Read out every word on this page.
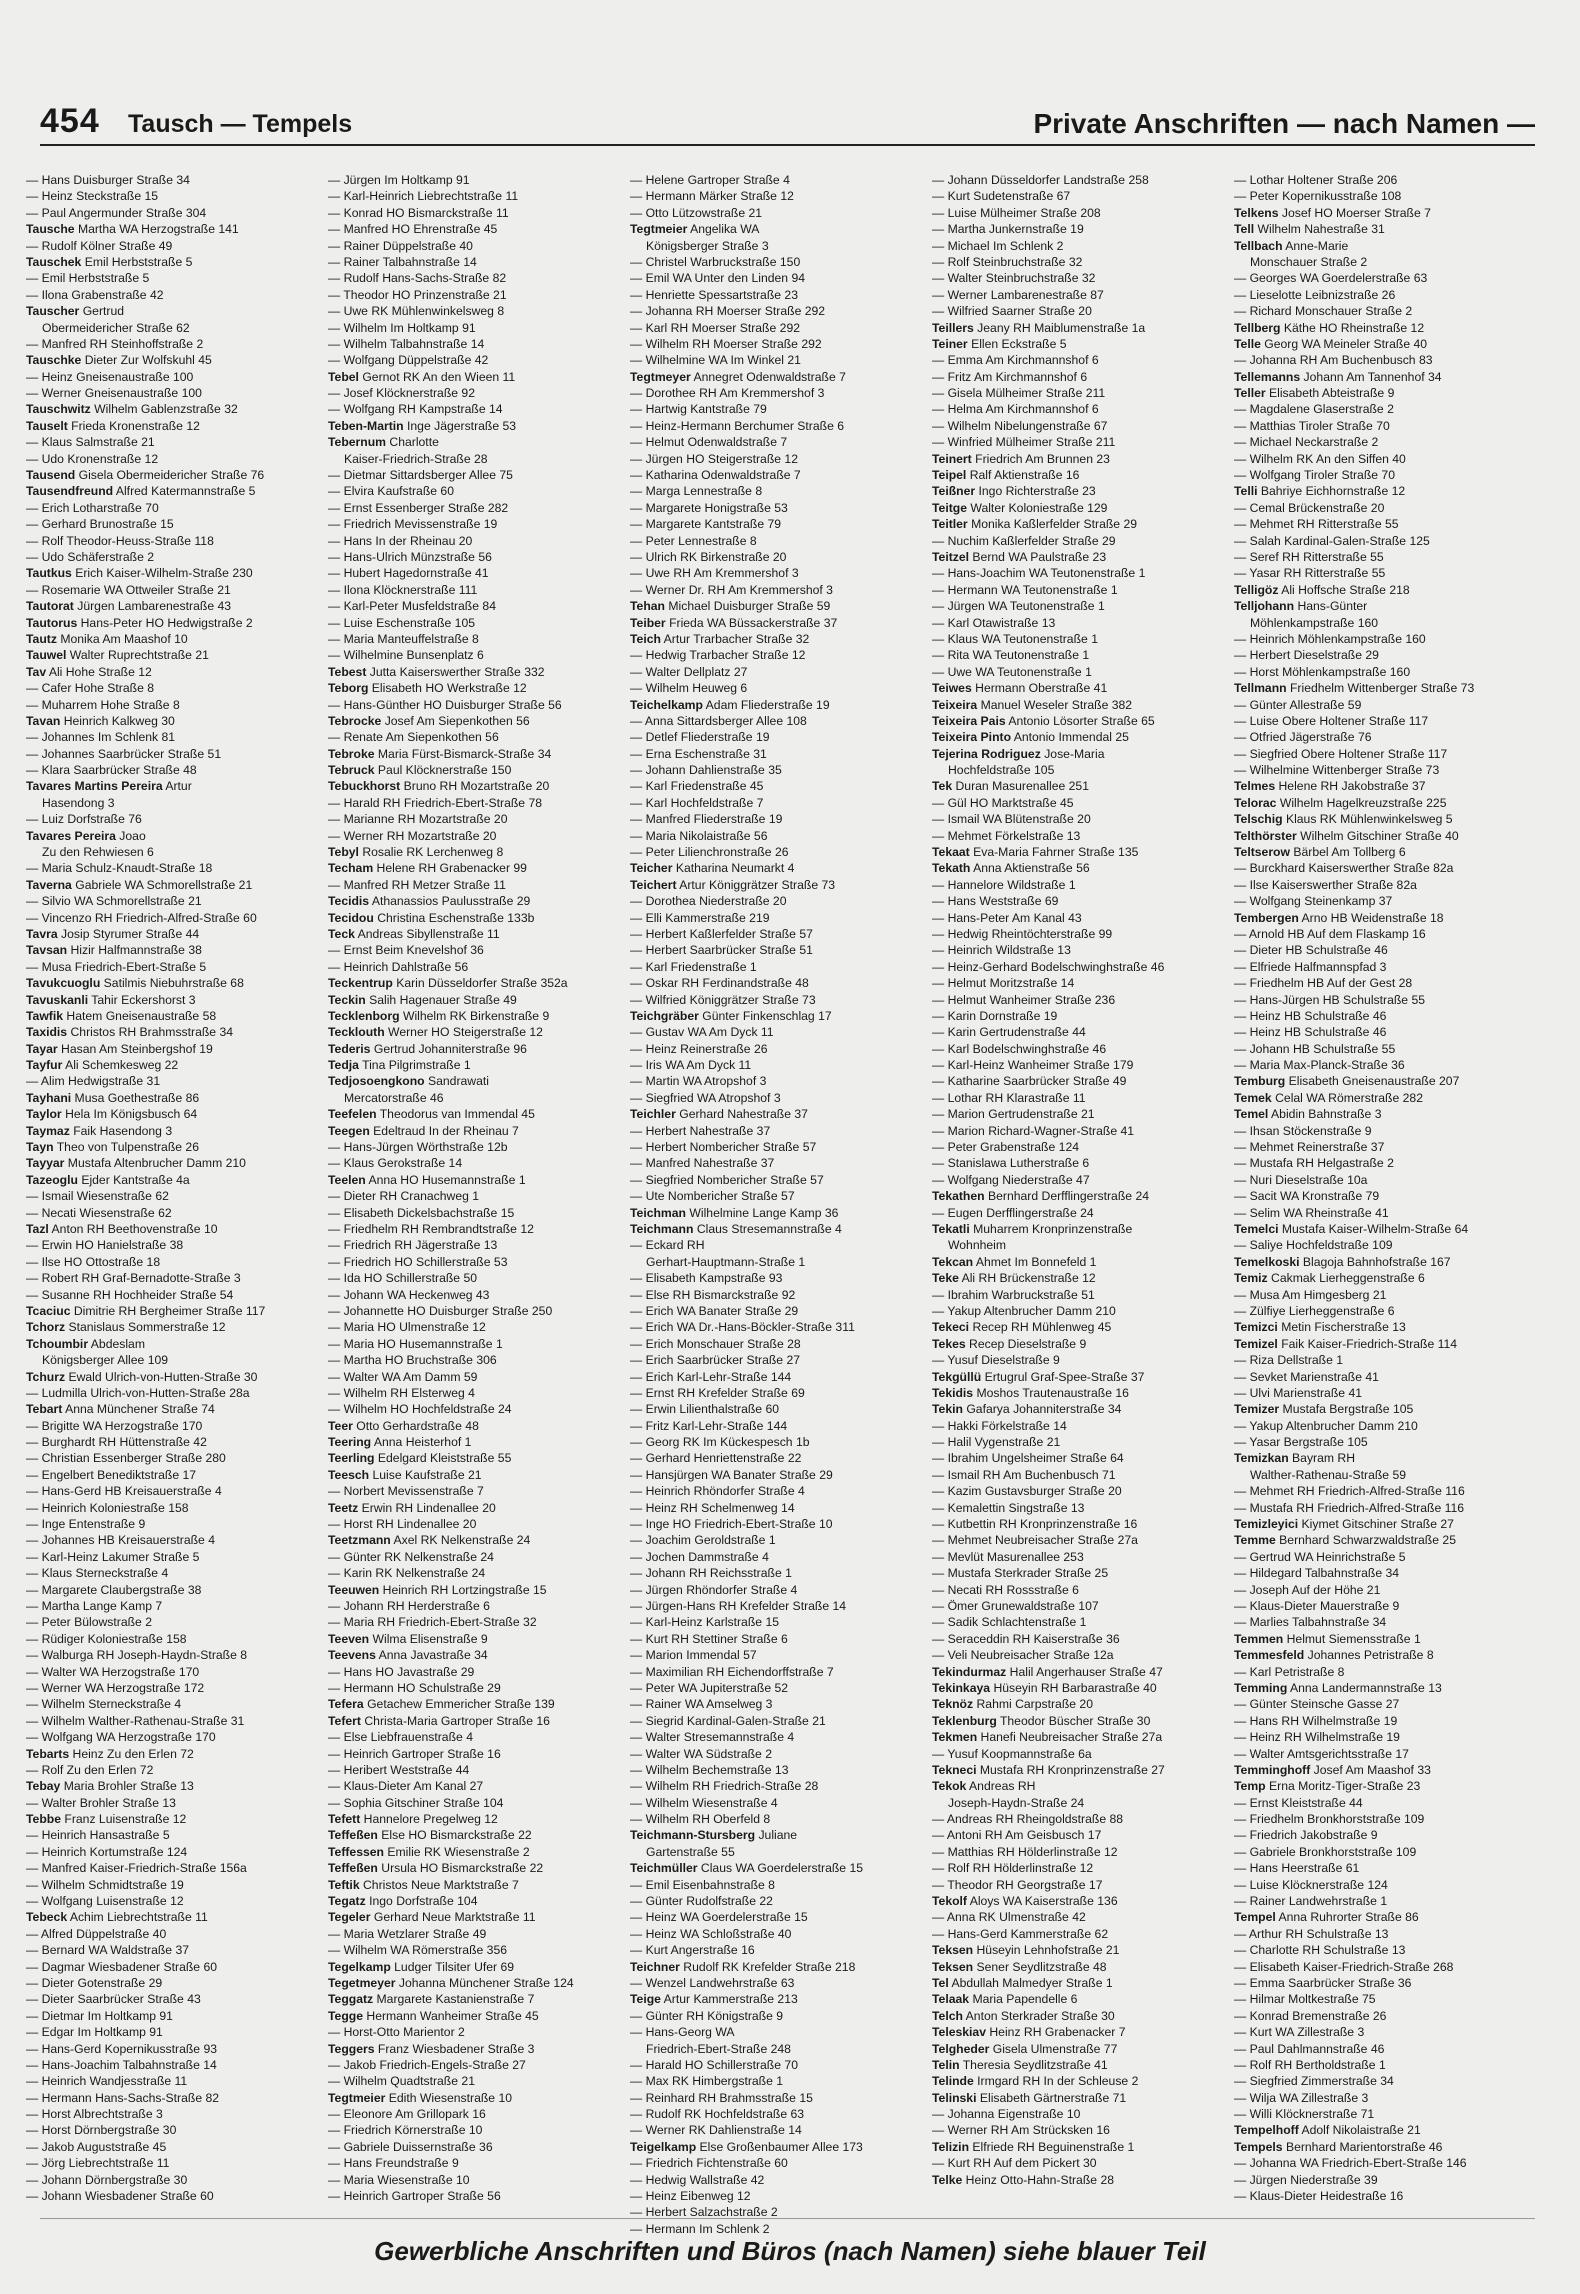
454 Tausch — Tempels	Private Anschriften — nach Namen —
— Hans Duisburger Straße 34
— Heinz Steckstraße 15
— Paul Angermunder Straße 304
Tausche Martha WA Herzogstraße 141
— Rudolf Kölner Straße 49
Tauschek Emil Herbststraße 5
— Emil Herbststraße 5
— Ilona Grabenstraße 42
Tauscher Gertrud
Obermeidericher Straße 62
— Manfred RH Steinhoffstraße 2
Tauschke Dieter Zur Wolfskuhl 45
— Heinz Gneisenaustraße 100
— Werner Gneisenaustraße 100
Tauschwitz Wilhelm Gablenzstraße 32
Tauselt Frieda Kronenstraße 12
— Klaus Salmstraße 21
— Udo Kronenstraße 12
Tausend Gisela Obermeidericher Straße 76
Tausendfreund Alfred Katermannstraße 5
— Erich Lotharstraße 70
— Gerhard Brunostraße 15
— Rolf Theodor-Heuss-Straße 118
— Udo Schäferstraße 2
Tautkus Erich Kaiser-Wilhelm-Straße 230
— Rosemarie WA Ottweiler Straße 21
Tautorat Jürgen Lambarenestraße 43
Tautorus Hans-Peter HO Hedwigstraße 2
Tautz Monika Am Maashof 10
Tauwel Walter Ruprechtstraße 21
Tav Ali Hohe Straße 12
— Cafer Hohe Straße 8
— Muharrem Hohe Straße 8
Tavan Heinrich Kalkweg 30
— Johannes Im Schlenk 81
— Johannes Saarbrücker Straße 51
— Klara Saarbrücker Straße 48
Tavares Martins Pereira Artur
Hasendong 3
— Luiz Dorfstraße 76
Tavares Pereira Joao
Zu den Rehwiesen 6
— Maria Schulz-Knaudt-Straße 18
Taverna Gabriele WA Schmorellstraße 21
— Silvio WA Schmorellstraße 21
— Vincenzo RH Friedrich-Alfred-Straße 60
Tavra Josip Styrumer Straße 44
Tavsan Hizir Halfmannstraße 38
— Musa Friedrich-Ebert-Straße 5
Tavukcuoglu Satilmis Niebuhrstraße 68
Tavuskanli Tahir Eckershorst 3
Tawfik Hatem Gneisenaustraße 58
Taxidis Christos RH Brahmsstraße 34
Tayar Hasan Am Steinbergshof 19
Tayfur Ali Schemkesweg 22
— Alim Hedwigstraße 31
Tayhani Musa Goethestraße 86
Taylor Hela Im Königsbusch 64
Taymaz Faik Hasendong 3
Tayn Theo von Tulpenstraße 26
Tayyar Mustafa Altenbrucher Damm 210
Tazeoglu Ejder Kantstraße 4a
— Ismail Wiesenstraße 62
— Necati Wiesenstraße 62
Tazl Anton RH Beethovenstraße 10
— Erwin HO Hanielstraße 38
— Ilse HO Ottostraße 18
— Robert RH Graf-Bernadotte-Straße 3
— Susanne RH Hochheider Straße 54
Tcaciuc Dimitrie RH Bergheimer Straße 117
Tchorz Stanislaus Sommerstraße 12
Tchoumbir Abdeslam
Königsberger Allee 109
Tchurz Ewald Ulrich-von-Hutten-Straße 30
— Ludmilla Ulrich-von-Hutten-Straße 28a
Tebart Anna Münchener Straße 74
— Brigitte WA Herzogstraße 170
— Burghardt RH Hüttenstraße 42
— Christian Essenberger Straße 280
— Engelbert Benediktstraße 17
— Hans-Gerd HB Kreisauerstraße 4
— Heinrich Koloniestraße 158
— Inge Entenstraße 9
— Johannes HB Kreisauerstraße 4
— Karl-Heinz Lakumer Straße 5
— Klaus Sterneckstraße 4
— Margarete Claubergstraße 38
— Martha Lange Kamp 7
— Peter Bülowstraße 2
— Rüdiger Koloniestraße 158
— Walburga RH Joseph-Haydn-Straße 8
— Walter WA Herzogstraße 170
— Werner WA Herzogstraße 172
— Wilhelm Sterneckstraße 4
— Wilhelm Walther-Rathenau-Straße 31
— Wolfgang WA Herzogstraße 170
Tebarts Heinz Zu den Erlen 72
— Rolf Zu den Erlen 72
Tebay Maria Brohler Straße 13
— Walter Brohler Straße 13
Tebbe Franz Luisenstraße 12
— Heinrich Hansastraße 5
— Heinrich Kortumstraße 124
— Manfred Kaiser-Friedrich-Straße 156a
— Wilhelm Schmidtstraße 19
— Wolfgang Luisenstraße 12
Tebeck Achim Liebrechtstraße 11
— Alfred Düppelstraße 40
— Bernard WA Waldstraße 37
— Dagmar Wiesbadener Straße 60
— Dieter Gotenstraße 29
— Dieter Saarbrücker Straße 43
— Dietmar Im Holtkamp 91
— Edgar Im Holtkamp 91
— Hans-Gerd Kopernikusstraße 93
— Hans-Joachim Talbahnstraße 14
— Heinrich Wandjesstraße 11
— Hermann Hans-Sachs-Straße 82
— Horst Albrechtstraße 3
— Horst Dörnbergstraße 30
— Jakob Auguststraße 45
— Jörg Liebrechtstraße 11
— Johann Dörnbergstraße 30
— Johann Wiesbadener Straße 60
— Jürgen Im Holtkamp 91
— Karl-Heinrich Liebrechtstraße 11
— Konrad HO Bismarckstraße 11
— Manfred HO Ehrenstraße 45
— Rainer Düppelstraße 40
— Rainer Talbahnstraße 14
— Rudolf Hans-Sachs-Straße 82
— Theodor HO Prinzenstraße 21
— Uwe RK Mühlenwinkelsweg 8
— Wilhelm Im Holtkamp 91
— Wilhelm Talbahnstraße 14
— Wolfgang Düppelstraße 42
Tebel Gernot RK An den Wieen 11
— Josef Klöcknerstraße 92
— Wolfgang RH Kampstraße 14
Teben-Martin Inge Jägerstraße 53
Tebernum Charlotte
Kaiser-Friedrich-Straße 28
— Dietmar Sittardsberger Allee 75
— Elvira Kaufstraße 60
— Ernst Essenberger Straße 282
— Friedrich Mevissenstraße 19
— Hans In der Rheinau 20
— Hans-Ulrich Münzstraße 56
— Hubert Hagedornstraße 41
— Ilona Klöcknerstraße 111
— Karl-Peter Musfeldstraße 84
— Luise Eschenstraße 105
— Maria Manteuffelstraße 8
— Wilhelmine Bunsenplatz 6
Tebest Jutta Kaiserswerther Straße 332
Teborg Elisabeth HO Werkstraße 12
— Hans-Günther HO Duisburger Straße 56
Tebrocke Josef Am Siepenkothen 56
— Renate Am Siepenkothen 56
Tebroke Maria Fürst-Bismarck-Straße 34
Tebruck Paul Klöcknerstraße 150
Tebuckhorst Bruno RH Mozartstraße 20
— Harald RH Friedrich-Ebert-Straße 78
— Marianne RH Mozartstraße 20
— Werner RH Mozartstraße 20
Tebyl Rosalie RK Lerchenweg 8
Techam Helene RH Grabenacker 99
— Manfred RH Metzer Straße 11
Tecidis Athanassios Paulusstraße 29
Tecidou Christina Eschenstraße 133b
Teck Andreas Sibyllenstraße 11
— Ernst Beim Knevelshof 36
— Heinrich Dahlstraße 56
Teckentrup Karin Düsseldorfer Straße 352a
Teckin Salih Hagenauer Straße 49
Tecklenborg Wilhelm RK Birkenstraße 9
Tecklouth Werner HO Steigerstraße 12
Tederis Gertrud Johanniterstraße 96
Tedja Tina Pilgrimstraße 1
Tedjosoengkono Sandrawati
Mercatorstraße 46
Teefelen Theodorus van Immendal 45
Teegen Edeltraud In der Rheinau 7
— Hans-Jürgen Wörthstraße 12b
— Klaus Gerokstraße 14
Teelen Anna HO Husemannstraße 1
— Dieter RH Cranachweg 1
— Elisabeth Dickelsbachstraße 15
— Friedhelm RH Rembrandtstraße 12
— Friedrich RH Jägerstraße 13
— Friedrich HO Schillerstraße 53
— Ida HO Schillerstraße 50
— Johann WA Heckenweg 43
— Johannette HO Duisburger Straße 250
— Maria HO Ulmenstraße 12
— Maria HO Husemannstraße 1
— Martha HO Bruchstraße 306
— Walter WA Am Damm 59
— Wilhelm RH Elsterweg 4
— Wilhelm HO Hochfeldstraße 24
Teer Otto Gerhardstraße 48
Teering Anna Heisterhof 1
Teerling Edelgard Kleiststraße 55
Teesch Luise Kaufstraße 21
— Norbert Mevissenstraße 7
Teetz Erwin RH Lindenallee 20
— Horst RH Lindenallee 20
Teetzmann Axel RK Nelkenstraße 24
— Günter RK Nelkenstraße 24
— Karin RK Nelkenstraße 24
Teeuwen Heinrich RH Lortzingstraße 15
— Johann RH Herderstraße 6
— Maria RH Friedrich-Ebert-Straße 32
Teeven Wilma Elisenstraße 9
Teevens Anna Javastraße 34
— Hans HO Javastraße 29
— Hermann HO Schulstraße 29
Tefera Getachew Emmericher Straße 139
Tefert Christa-Maria Gartroper Straße 16
— Else Liebfrauenstraße 4
— Heinrich Gartroper Straße 16
— Heribert Weststraße 44
— Klaus-Dieter Am Kanal 27
— Sophia Gitschiner Straße 104
Tefett Hannelore Pregelweg 12
Teffeßen Else HO Bismarckstraße 22
Teffessen Emilie RK Wiesenstraße 2
Teffeßen Ursula HO Bismarckstraße 22
Teftik Christos Neue Marktstraße 7
Tegatz Ingo Dorfstraße 104
Tegeler Gerhard Neue Marktstraße 11
— Maria Wetzlarer Straße 49
— Wilhelm WA Römerstraße 356
Tegelkamp Ludger Tilsiter Ufer 69
Tegetmeyer Johanna Münchener Straße 124
Teggatz Margarete Kastanienstraße 7
Tegge Hermann Wanheimer Straße 45
— Horst-Otto Marientor 2
Teggers Franz Wiesbadener Straße 3
— Jakob Friedrich-Engels-Straße 27
— Wilhelm Quadtstraße 21
Tegtmeier Edith Wiesenstraße 10
— Eleonore Am Grillopark 16
— Friedrich Körnerstraße 10
— Gabriele Duissernstraße 36
— Hans Freundstraße 9
— Maria Wiesenstraße 10
— Heinrich Gartroper Straße 56
— Helene Gartroper Straße 4
— Hermann Märker Straße 12
— Otto Lützowstraße 21
Tegtmeier Angelika WA
Königsberger Straße 3
— Christel Warbruckstraße 150
— Emil WA Unter den Linden 94
— Henriette Spessartstraße 23
— Johanna RH Moerser Straße 292
— Karl RH Moerser Straße 292
— Wilhelm RH Moerser Straße 292
— Wilhelmine WA Im Winkel 21
Tegtmeyer Annegret Odenwaldstraße 7
— Dorothee RH Am Kremmershof 3
— Hartwig Kantstraße 79
— Heinz-Hermann Berchumer Straße 6
— Helmut Odenwaldstraße 7
— Jürgen HO Steigerstraße 12
— Katharina Odenwaldstraße 7
— Marga Lennestraße 8
— Margarete Honigstraße 53
— Margarete Kantstraße 79
— Peter Lennestraße 8
— Ulrich RK Birkenstraße 20
— Uwe RH Am Kremmershof 3
— Werner Dr. RH Am Kremmershof 3
Tehan Michael Duisburger Straße 59
Teiber Frieda WA Büssackerstraße 37
Teich Artur Trarbacher Straße 32
— Hedwig Trarbacher Straße 12
— Walter Dellplatz 27
— Wilhelm Heuweg 6
Teichelkamp Adam Fliederstraße 19
— Anna Sittardsberger Allee 108
— Detlef Fliederstraße 19
— Erna Eschenstraße 31
— Johann Dahlienstraße 35
— Karl Friedenstraße 45
— Karl Hochfeldstraße 7
— Manfred Fliederstraße 19
— Maria Nikolaistraße 56
— Peter Lilienchronstraße 26
Teicher Katharina Neumarkt 4
Teichert Artur Königgrätzer Straße 73
— Dorothea Niederstraße 20
— Elli Kammerstraße 219
— Herbert Kaßlerfelder Straße 57
— Herbert Saarbrücker Straße 51
— Karl Friedenstraße 1
— Oskar RH Ferdinandstraße 48
— Wilfried Königgrätzer Straße 73
Teichgräber Günter Finkenschlag 17
— Gustav WA Am Dyck 11
— Heinz Reinerstraße 26
— Iris WA Am Dyck 11
— Martin WA Atropshof 3
— Siegfried WA Atropshof 3
Teichler Gerhard Nahestraße 37
— Herbert Nahestraße 37
— Herbert Nombericher Straße 57
— Manfred Nahestraße 37
— Siegfried Nombericher Straße 57
— Ute Nombericher Straße 57
Teichman Wilhelmine Lange Kamp 36
Teichmann Claus Stresemannstraße 4
— Eckard RH
Gerhart-Hauptmann-Straße 1
— Elisabeth Kampstraße 93
— Else RH Bismarckstraße 92
— Erich WA Banater Straße 29
— Erich WA Dr.-Hans-Böckler-Straße 311
— Erich Monschauer Straße 28
— Erich Saarbrücker Straße 27
— Erich Karl-Lehr-Straße 144
— Ernst RH Krefelder Straße 69
— Erwin Lilienthalstraße 60
— Fritz Karl-Lehr-Straße 144
— Georg RK Im Kückespesch 1b
— Gerhard Henriettenstraße 22
— Hansjürgen WA Banater Straße 29
— Heinrich Rhöndorfer Straße 4
— Heinz RH Schelmenweg 14
— Inge HO Friedrich-Ebert-Straße 10
— Joachim Geroldstraße 1
— Jochen Dammstraße 4
— Johann RH Reichsstraße 1
— Jürgen Rhöndorfer Straße 4
— Jürgen-Hans RH Krefelder Straße 14
— Karl-Heinz Karlstraße 15
— Kurt RH Stettiner Straße 6
— Marion Immendal 57
— Maximilian RH Eichendorffstraße 7
— Peter WA Jupiterstraße 52
— Rainer WA Amselweg 3
— Siegrid Kardinal-Galen-Straße 21
— Walter Stresemannstraße 4
— Walter WA Südstraße 2
— Wilhelm Bechemstraße 13
— Wilhelm RH Friedrich-Straße 28
— Wilhelm Wiesenstraße 4
— Wilhelm RH Oberfeld 8
Teichmann-Stursberg Juliane
Gartenstraße 55
Teichmüller Claus WA Goerdelerstraße 15
— Emil Eisenbahnstraße 8
— Günter Rudolfstraße 22
— Heinz WA Goerdelerstraße 15
— Heinz WA Schloßstraße 40
— Kurt Angerstraße 16
Teichner Rudolf RK Krefelder Straße 218
— Wenzel Landwehrstraße 63
Teige Artur Kammerstraße 213
— Günter RH Königstraße 9
— Hans-Georg WA
Friedrich-Ebert-Straße 248
— Harald HO Schillerstraße 70
— Max RK Himbergstraße 1
— Reinhard RH Brahmsstraße 15
— Rudolf RK Hochfeldstraße 63
— Werner RK Dahlienstraße 14
Teigelkamp Else Großenbaumer Allee 173
— Friedrich Fichtenstraße 60
— Hedwig Wallstraße 42
— Heinz Eibenweg 12
— Herbert Salzachstraße 2
— Hermann Im Schlenk 2
— Johann Düsseldorfer Landstraße 258
— Kurt Sudetenstraße 67
— Luise Mülheimer Straße 208
— Martha Junkernstraße 19
— Michael Im Schlenk 2
— Rolf Steinbruchstraße 32
— Walter Steinbruchstraße 32
— Werner Lambarenestraße 87
— Wilfried Saarner Straße 20
Teillers Jeany RH Maiblumenstraße 1a
Teiner Ellen Eckstraße 5
— Emma Am Kirchmannshof 6
— Fritz Am Kirchmannshof 6
— Gisela Mülheimer Straße 211
— Helma Am Kirchmannshof 6
— Wilhelm Nibelungenstraße 67
— Winfried Mülheimer Straße 211
Teinert Friedrich Am Brunnen 23
Teipel Ralf Aktienstraße 16
Teißner Ingo Richterstraße 23
Teitge Walter Koloniestraße 129
Teitler Monika Kaßlerfelder Straße 29
— Nuchim Kaßlerfelder Straße 29
Teitzel Bernd WA Paulstraße 23
— Hans-Joachim WA Teutonenstraße 1
— Hermann WA Teutonenstraße 1
— Jürgen WA Teutonenstraße 1
— Karl Otawistraße 13
— Klaus WA Teutonenstraße 1
— Rita WA Teutonenstraße 1
— Uwe WA Teutonenstraße 1
Teiwes Hermann Oberstraße 41
Teixeira Manuel Weseler Straße 382
Teixeira Pais Antonio Lösorter Straße 65
Teixeira Pinto Antonio Immendal 25
Tejerina Rodriguez Jose-Maria
Hochfeldstraße 105
Tek Duran Masurenallee 251
— Gül HO Marktstraße 45
— Ismail WA Blütenstraße 20
— Mehmet Förkelstraße 13
Tekaat Eva-Maria Fahrner Straße 135
Tekath Anna Aktienstraße 56
— Hannelore Wildstraße 1
— Hans Weststraße 69
— Hans-Peter Am Kanal 43
— Hedwig Rheintöchterstraße 99
— Heinrich Wildstraße 13
— Heinz-Gerhard Bodelschwinghstraße 46
— Helmut Moritzstraße 14
— Helmut Wanheimer Straße 236
— Karin Dornstraße 19
— Karin Gertrudenstraße 44
— Karl Bodelschwinghstraße 46
— Karl-Heinz Wanheimer Straße 179
— Katharine Saarbrücker Straße 49
— Lothar RH Klarastraße 11
— Marion Gertrudenstraße 21
— Marion Richard-Wagner-Straße 41
— Peter Grabenstraße 124
— Stanislawa Lutherstraße 6
— Wolfgang Niederstraße 47
Tekathen Bernhard Derfflingerstraße 24
— Eugen Derfflingerstraße 24
Tekatli Muharrem Kronprinzenstraße
Wohnheim
Tekcan Ahmet Im Bonnefeld 1
Teke Ali RH Brückenstraße 12
— Ibrahim Warbruckstraße 51
— Yakup Altenbrucher Damm 210
Tekeci Recep RH Mühlenweg 45
Tekes Recep Dieselstraße 9
— Yusuf Dieselstraße 9
Tekgüllü Ertugrul Graf-Spee-Straße 37
Tekidis Moshos Trautenaustraße 16
Tekin Gafarya Johanniterstraße 34
— Hakki Förkelstraße 14
— Halil Vygenstraße 21
— Ibrahim Ungelsheimer Straße 64
— Ismail RH Am Buchenbusch 71
— Kazim Gustavsburger Straße 20
— Kemalettin Singstraße 13
— Kutbettin RH Kronprinzenstraße 16
— Mehmet Neubreisacher Straße 27a
— Mevlüt Masurenallee 253
— Mustafa Sterkrader Straße 25
— Necati RH Rossstraße 6
— Ömer Grunewaldstraße 107
— Sadik Schlachtenstraße 1
— Seraceddin RH Kaiserstraße 36
— Veli Neubreisacher Straße 12a
Tekindurmaz Halil Angerhauser Straße 47
Tekinkaya Hüseyin RH Barbarastraße 40
Teknöz Rahmi Carpstraße 20
Teklenburg Theodor Büscher Straße 30
Tekmen Hanefi Neubreisacher Straße 27a
— Yusuf Koopmannstraße 6a
Tekneci Mustafa RH Kronprinzenstraße 27
Tekok Andreas RH
Joseph-Haydn-Straße 24
— Andreas RH Rheingoldstraße 88
— Antoni RH Am Geisbusch 17
— Matthias RH Hölderlinstraße 12
— Rolf RH Hölderlinstraße 12
— Theodor RH Georgstraße 17
Tekolf Aloys WA Kaiserstraße 136
— Anna RK Ulmenstraße 42
— Hans-Gerd Kammerstraße 62
Teksen Hüseyin Lehnhofstraße 21
Teksen Sener Seydlitzstraße 48
Tel Abdullah Malmedyer Straße 1
Telaak Maria Papendelle 6
Telch Anton Sterkrader Straße 30
Teleskiav Heinz RH Grabenacker 7
Telgheder Gisela Ulmenstraße 77
Telin Theresia Seydlitzstraße 41
Telinde Irmgard RH In der Schleuse 2
Telinski Elisabeth Gärtnerstraße 71
— Johanna Eigenstraße 10
— Werner RH Am Strücksken 16
Telizin Elfriede RH Beguinenstraße 1
— Kurt RH Auf dem Pickert 30
Telke Heinz Otto-Hahn-Straße 28
— Lothar Holtener Straße 206
— Peter Kopernikusstraße 108
Telkens Josef HO Moerser Straße 7
Tell Wilhelm Nahestraße 31
Tellbach Anne-Marie
Monschauer Straße 2
— Georges WA Goerdelerstraße 63
— Lieselotte Leibnizstraße 26
— Richard Monschauer Straße 2
Tellberg Käthe HO Rheinstraße 12
Telle Georg WA Meineler Straße 40
— Johanna RH Am Buchenbusch 83
Tellemanns Johann Am Tannenhof 34
Teller Elisabeth Abteistraße 9
— Magdalene Glaserstraße 2
— Matthias Tiroler Straße 70
— Michael Neckarstraße 2
— Wilhelm RK An den Siffen 40
— Wolfgang Tiroler Straße 70
Telli Bahriye Eichhornstraße 12
— Cemal Brückenstraße 20
— Mehmet RH Ritterstraße 55
— Salah Kardinal-Galen-Straße 125
— Seref RH Ritterstraße 55
— Yasar RH Ritterstraße 55
Telligöz Ali Hoffsche Straße 218
Telljohann Hans-Günter
Möhlenkampstraße 160
— Heinrich Möhlenkampstraße 160
— Herbert Dieselstraße 29
— Horst Möhlenkampstraße 160
Tellmann Friedhelm Wittenberger Straße 73
— Günter Allestraße 59
— Luise Obere Holtener Straße 117
— Otfried Jägerstraße 76
— Siegfried Obere Holtener Straße 117
— Wilhelmine Wittenberger Straße 73
Telmes Helene RH Jakobstraße 37
Telorac Wilhelm Hagelkreuzstraße 225
Telschig Klaus RK Mühlenwinkelsweg 5
Telthörster Wilhelm Gitschiner Straße 40
Teltserow Bärbel Am Tollberg 6
— Burckhard Kaiserswerther Straße 82a
— Ilse Kaiserswerther Straße 82a
— Wolfgang Steinenkamp 37
Tembergen Arno HB Weidenstraße 18
— Arnold HB Auf dem Flaskamp 16
— Dieter HB Schulstraße 46
— Elfriede Halfmannspfad 3
— Friedhelm HB Auf der Gest 28
— Hans-Jürgen HB Schulstraße 55
— Heinz HB Schulstraße 46
— Heinz HB Schulstraße 46
— Johann HB Schulstraße 55
— Maria Max-Planck-Straße 36
Temburg Elisabeth Gneisenaustraße 207
Temek Celal WA Römerstraße 282
Temel Abidin Bahnstraße 3
— Ihsan Stöckenstraße 9
— Mehmet Reinerstraße 37
— Mustafa RH Helgastraße 2
— Nuri Dieselstraße 10a
— Sacit WA Kronstraße 79
— Selim WA Rheinstraße 41
Temelci Mustafa Kaiser-Wilhelm-Straße 64
— Saliye Hochfeldstraße 109
Temelkoski Blagoja Bahnhofstraße 167
Temiz Cakmak Lierheggenstraße 6
— Musa Am Himgesberg 21
— Zülfiye Lierheggenstraße 6
Temizci Metin Fischerstraße 13
Temizel Faik Kaiser-Friedrich-Straße 114
— Riza Dellstraße 1
— Sevket Marienstraße 41
— Ulvi Marienstraße 41
Temizer Mustafa Bergstraße 105
— Yakup Altenbrucher Damm 210
— Yasar Bergstraße 105
Temizkan Bayram RH
Walther-Rathenau-Straße 59
— Mehmet RH Friedrich-Alfred-Straße 116
— Mustafa RH Friedrich-Alfred-Straße 116
Temizleyici Kiymet Gitschiner Straße 27
Temme Bernhard Schwarzwaldstraße 25
— Gertrud WA Heinrichstraße 5
— Hildegard Talbahnstraße 34
— Joseph Auf der Höhe 21
— Klaus-Dieter Mauerstraße 9
— Marlies Talbahnstraße 34
Temmen Helmut Siemensstraße 1
Temmesfeld Johannes Petristraße 8
— Karl Petristraße 8
Temming Anna Landermannstraße 13
— Günter Steinsche Gasse 27
— Hans RH Wilhelmstraße 19
— Heinz RH Wilhelmstraße 19
— Walter Amtsgerichtsstraße 17
Temminghoff Josef Am Maashof 33
Temp Erna Moritz-Tiger-Straße 23
— Ernst Kleiststraße 44
— Friedhelm Bronkhorststraße 109
— Friedrich Jakobstraße 9
— Gabriele Bronkhorststraße 109
— Hans Heerstraße 61
— Luise Klöcknerstraße 124
— Rainer Landwehrstraße 1
Tempel Anna Ruhrorter Straße 86
— Arthur RH Schulstraße 13
— Charlotte RH Schulstraße 13
— Elisabeth Kaiser-Friedrich-Straße 268
— Emma Saarbrücker Straße 36
— Hilmar Moltkestraße 75
— Konrad Bremenstraße 26
— Kurt WA Zillestraße 3
— Paul Dahlmannstraße 46
— Rolf RH Bertholdstraße 1
— Siegfried Zimmerstraße 34
— Wilja WA Zillestraße 3
— Willi Klöcknerstraße 71
Tempelhoff Adolf Nikolaistraße 21
Tempels Bernhard Marientorstraße 46
— Johanna WA Friedrich-Ebert-Straße 146
— Jürgen Niederstraße 39
— Klaus-Dieter Heidestraße 16
Gewerbliche Anschriften und Büros (nach Namen) siehe blauer Teil
